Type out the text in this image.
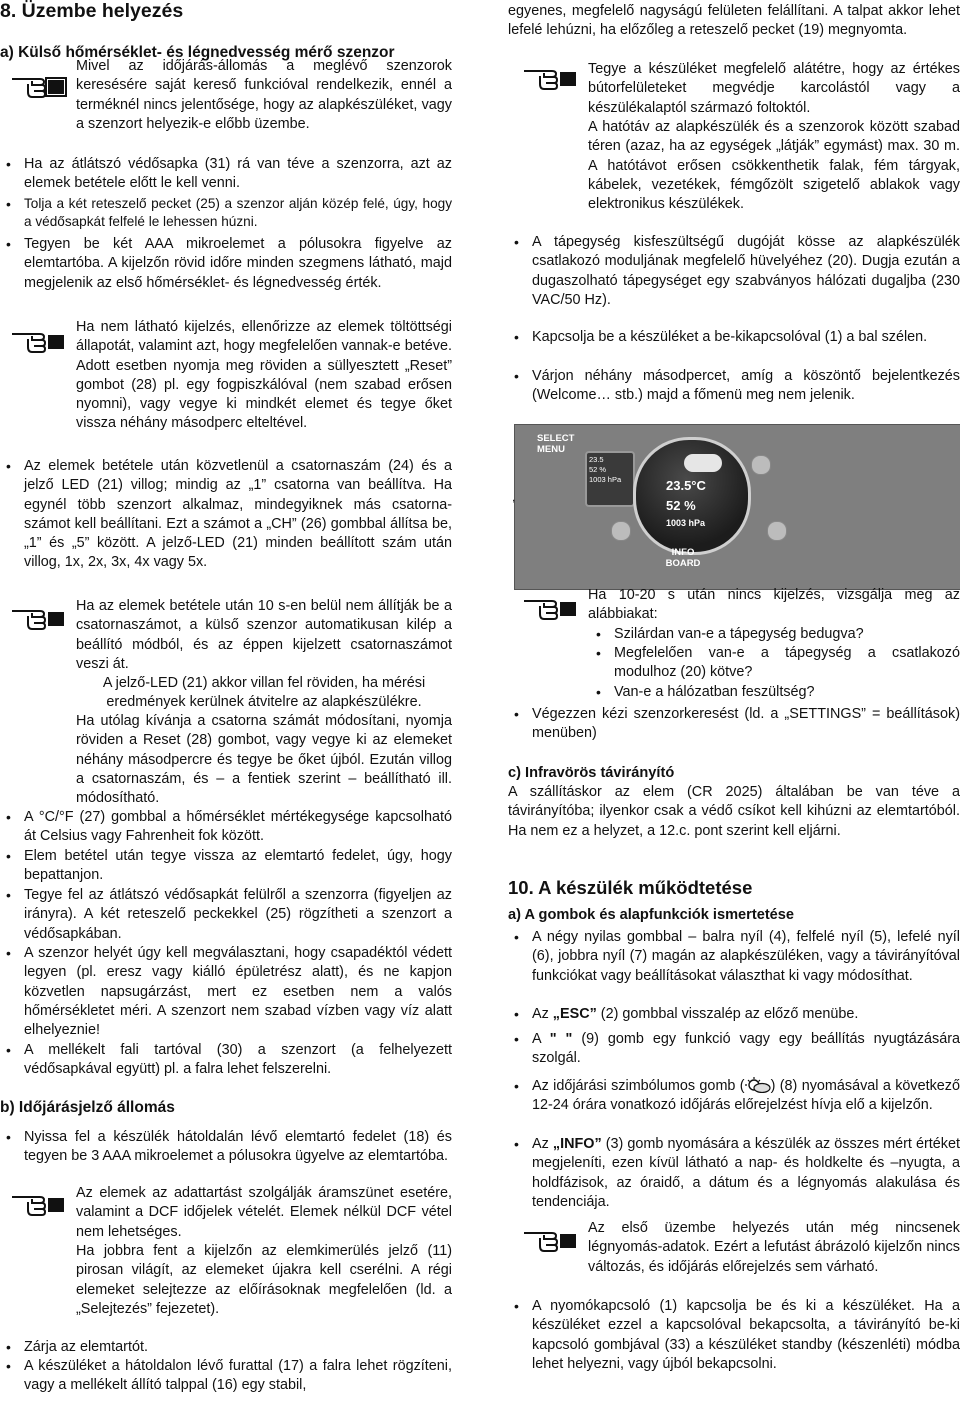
8. Üzembe helyezés
a) Külső hőmérséklet- és légnedvesség mérő szenzor
Mivel az időjárás-állomás a meglévő szenzorok keresésére saját kereső funkcióval rendelkezik, ennél a terméknél nincs jelentősége, hogy az alapkészüléket, vagy a szenzort helyezik-e előbb üzembe.
• Ha az átlátszó védősapka (31) rá van téve a szenzorra, azt az elemek betétele előtt le kell venni.
• Tolja a két reteszelő pecket (25) a szenzor alján közép felé, úgy, hogy a védősapkát felfelé le lehessen húzni.
• Tegyen be két AAA mikroelemet a pólusokra figyelve az elemtartóba. A kijelzőn rövid időre minden szegmens látható, majd megjelenik az első hőmérséklet- és légnedvesség érték.
Ha nem látható kijelzés, ellenőrizze az elemek töltöttségi állapotát, valamint azt, hogy megfelelően vannak-e betéve. Adott esetben nyomja meg röviden a süllyesztett „Reset” gombot (28) pl. egy fogpiszkálóval (nem szabad erősen nyomni), vagy vegye ki mindkét elemet és tegye őket vissza néhány másodperc elteltével.
• Az elemek betétele után közvetlenül a csatornaszám (24) és a jelző LED (21) villog; mindig az „1” csatorna van beállítva. Ha egynél több szenzort alkalmaz, mindegyiknek más csatorna-számot kell beállítani. Ezt a számot a „CH” (26) gombbal állítsa be, „1” és „5” között. A jelző-LED (21) minden beállított szám után villog, 1x, 2x, 3x, 4x vagy 5x.
Ha az elemek betétele után 10 s-en belül nem állítják be a csatornaszámot, a külső szenzor automatikusan kilép a beállító módból, és az éppen kijelzett csatornaszámot veszi át.
A jelző-LED (21) akkor villan fel röviden, ha mérési eredmények kerülnek átvitelre az alapkészülékre.
Ha utólag kívánja a csatorna számát módosítani, nyomja röviden a Reset (28) gombot, vagy vegye ki az elemeket néhány másodpercre és tegye be őket újból. Ezután villog a csatornaszám, és – a fentiek szerint – beállítható ill. módosítható.
• A °C/°F (27) gombbal a hőmérséklet mértékegysége kapcsolható át Celsius vagy Fahrenheit fok között.
• Elem betétel után tegye vissza az elemtartó fedelet, úgy, hogy bepattanjon.
• Tegye fel az átlátszó védősapkát felülről a szenzorra (figyeljen az irányra). A két reteszelő peckekkel (25) rögzítheti a szenzort a védősapkában.
• A szenzor helyét úgy kell megválasztani, hogy csapadéktól védett legyen (pl. eresz vagy kiálló épületrész alatt), és ne kapjon közvetlen napsugárzást, mert ez esetben nem a valós hőmérsékletet méri. A szenzort nem szabad vízben vagy víz alatt elhelyeznie!
• A mellékelt fali tartóval (30) a szenzort (a felhelyezett védősapkával együtt) pl. a falra lehet felszerelni.
b) Időjárásjelző állomás
• Nyissa fel a készülék hátoldalán lévő elemtartó fedelet (18) és tegyen be 3 AAA mikroelemet a pólusokra ügyelve az elemtartóba.
Az elemek az adattartást szolgálják áramszünet esetére, valamint a DCF időjelek vételét. Elemek nélkül DCF vétel nem lehetséges.
Ha jobbra fent a kijelzőn az elemkimerülés jelző (11) pirosan világít, az elemeket újakra kell cserélni. A régi elemeket selejtezze az előírásoknak megfelelően (ld. a „Selejtezés” fejezetet).
• Zárja az elemtartót.
• A készüléket a hátoldalon lévő furattal (17) a falra lehet rögzíteni, vagy a mellékelt állító talppal (16) egy stabil,
egyenes, megfelelő nagyságú felületen felállítani. A talpat akkor lehet lefelé lehúzni, ha előzőleg a reteszelő pecket (19) megnyomta.
Tegye a készüléket megfelelő alátétre, hogy az értékes bútorfelületeket megvédje karcolástól vagy a készülékalaptól származó foltoktól.
A hatótáv az alapkészülék és a szenzorok között szabad téren (azaz, ha az egységek „látják” egymást) max. 30 m. A hatótávot erősen csökkenthetik falak, fém tárgyak, kábelek, vezetékek, fémgőzölt szigetelő ablakok vagy elektronikus készülékek.
• A tápegység kisfeszültségű dugóját kösse az alapkészülék csatlakozó moduljának megfelelő hüvelyéhez (20). Dugja ezután a dugaszolható tápegységet egy szabványos hálózati dugaljba (230 VAC/50 Hz).
• Kapcsolja be a készüléket a be-kikapcsolóval (1) a bal szélen.
• Várjon néhány másodpercet, amíg a köszöntő bejelentkezés (Welcome… stb.) majd a főmenü meg nem jelenik.
SELECT
MENU
23.5
52 %
1003 hPa	23.5°C
52 %
1003 hPa
INFO
BOARD
,
Ha 10-20 s után nincs kijelzés, vizsgálja meg az alábbiakat:
• Szilárdan van-e a tápegység bedugva?
• Megfelelően van-e a tápegység a csatlakozó modulhoz (20) kötve?
• Van-e a hálózatban feszültség?
• Végezzen kézi szenzorkeresést (ld. a „SETTINGS” = beállítások) menüben)
c) Infravörös távirányító
A szállításkor az elem (CR 2025) általában be van téve a távirányítóba; ilyenkor csak a védő csíkot kell kihúzni az elemtartóból. Ha nem ez a helyzet, a 12.c. pont szerint kell eljárni.
10. A készülék működtetése
a) A gombok és alapfunkciók ismertetése
• A négy nyilas gombbal – balra nyíl (4), felfelé nyíl (5), lefelé nyíl (6), jobbra nyíl (7) magán az alapkészüléken, vagy a távirányítóval funkciókat vagy beállításokat választhat ki vagy módosíthat.
• Az „ESC” (2) gombbal visszalép az előző menübe.
• A " " (9) gomb egy funkció vagy egy beállítás nyugtázására szolgál.
• Az időjárási szimbólumos gomb ( ) (8) nyomásával a következő 12-24 órára vonatkozó időjárás előrejelzést hívja elő a kijelzőn.
• Az „INFO” (3) gomb nyomására a készülék az összes mért értéket megjeleníti, ezen kívül látható a nap- és holdkelte és –nyugta, a holdfázisok, az óraidő, a dátum és a légnyomás alakulása és tendenciája.
Az első üzembe helyezés után még nincsenek légnyomás-adatok. Ezért a lefutást ábrázoló kijelzőn nincs változás, és időjárás előrejelzés sem várható.
• A nyomókapcsoló (1) kapcsolja be és ki a készüléket. Ha a készüléket ezzel a kapcsolóval bekapcsolta, a távirányító be-ki kapcsoló gombjával (33) a készüléket standby (készenléti) módba lehet helyezni, vagy újból bekapcsolni.
